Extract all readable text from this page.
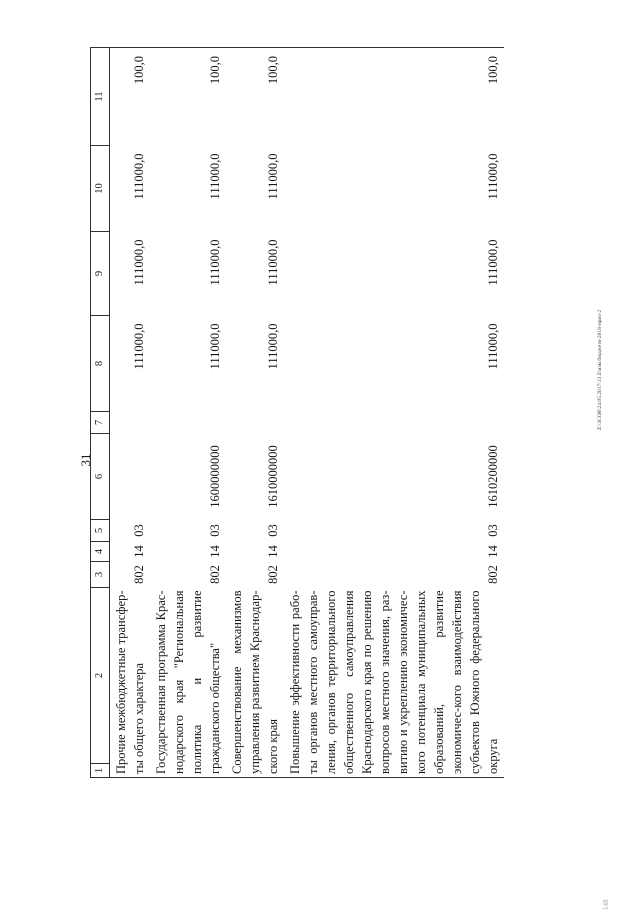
31
1	2	3	4	5	6	7	8	9	10	11
Прочие межбюджетные трансфер-ты общего характера		802	14	03			111000,0	111000,0	111000,0	100,0
Государственная программа Крас-нодарского края "Региональная политика и развитие гражданского общества"		802	14	03	1600000000		111000,0	111000,0	111000,0	100,0
Совершенствование механизмов управления развитием Краснодар-ского края		802	14	03	1610000000		111000,0	111000,0	111000,0	100,0
Повышение эффективности рабо-ты органов местного самоуправ-ления, органов территориального общественного самоуправления Краснодарского края по решению вопросов местного значения, раз-витию и укреплению экономичес-кого потенциала муниципальных образований, развитие экономичес-кого взаимодействия субъектов Южного федерального округа		802	14	03	1610200000		111000,0	111000,0	111000,0	100,0
Z:\3СОЯ\24.05.2017\13 Z\изм.бюджетв-2018-приз-2
148
